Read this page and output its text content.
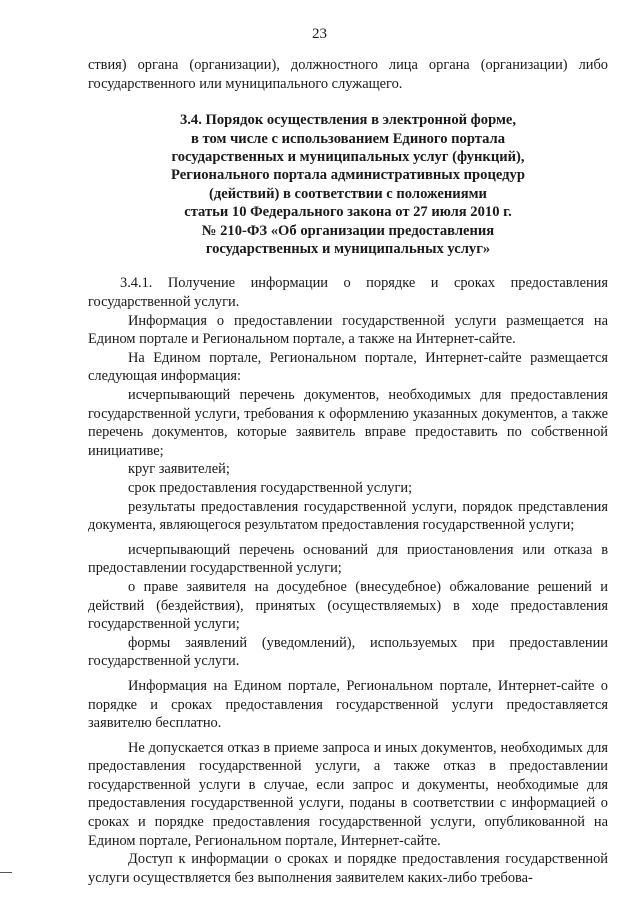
23

ствия) органа (организации), должностного лица органа (организации) либо государственного или муниципального служащего.

3.4. Порядок осуществления в электронной форме,
в том числе с использованием Единого портала
государственных и муниципальных услуг (функций),
Регионального портала административных процедур
(действий) в соответствии с положениями
статьи 10 Федерального закона от 27 июля 2010 г.
№ 210-ФЗ «Об организации предоставления
государственных и муниципальных услуг»

3.4.1. Получение информации о порядке и сроках предоставления государственной услуги.

Информация о предоставлении государственной услуги размещается на Едином портале и Региональном портале, а также на Интернет-сайте.

На Едином портале, Региональном портале, Интернет-сайте размещается следующая информация:

исчерпывающий перечень документов, необходимых для предоставления государственной услуги, требования к оформлению указанных документов, а также перечень документов, которые заявитель вправе предоставить по собственной инициативе;

круг заявителей;

срок предоставления государственной услуги;

результаты предоставления государственной услуги, порядок представления документа, являющегося результатом предоставления государственной услуги;

исчерпывающий перечень оснований для приостановления или отказа в предоставлении государственной услуги;

о праве заявителя на досудебное (внесудебное) обжалование решений и действий (бездействия), принятых (осуществляемых) в ходе предоставления государственной услуги;

формы заявлений (уведомлений), используемых при предоставлении государственной услуги.

Информация на Едином портале, Региональном портале, Интернет-сайте о порядке и сроках предоставления государственной услуги предоставляется заявителю бесплатно.

Не допускается отказ в приеме запроса и иных документов, необходимых для предоставления государственной услуги, а также отказ в предоставлении государственной услуги в случае, если запрос и документы, необходимые для предоставления государственной услуги, поданы в соответствии с информацией о сроках и порядке предоставления государственной услуги, опубликованной на Едином портале, Региональном портале, Интернет-сайте.

Доступ к информации о сроках и порядке предоставления государственной услуги осуществляется без выполнения заявителем каких-либо требова-
